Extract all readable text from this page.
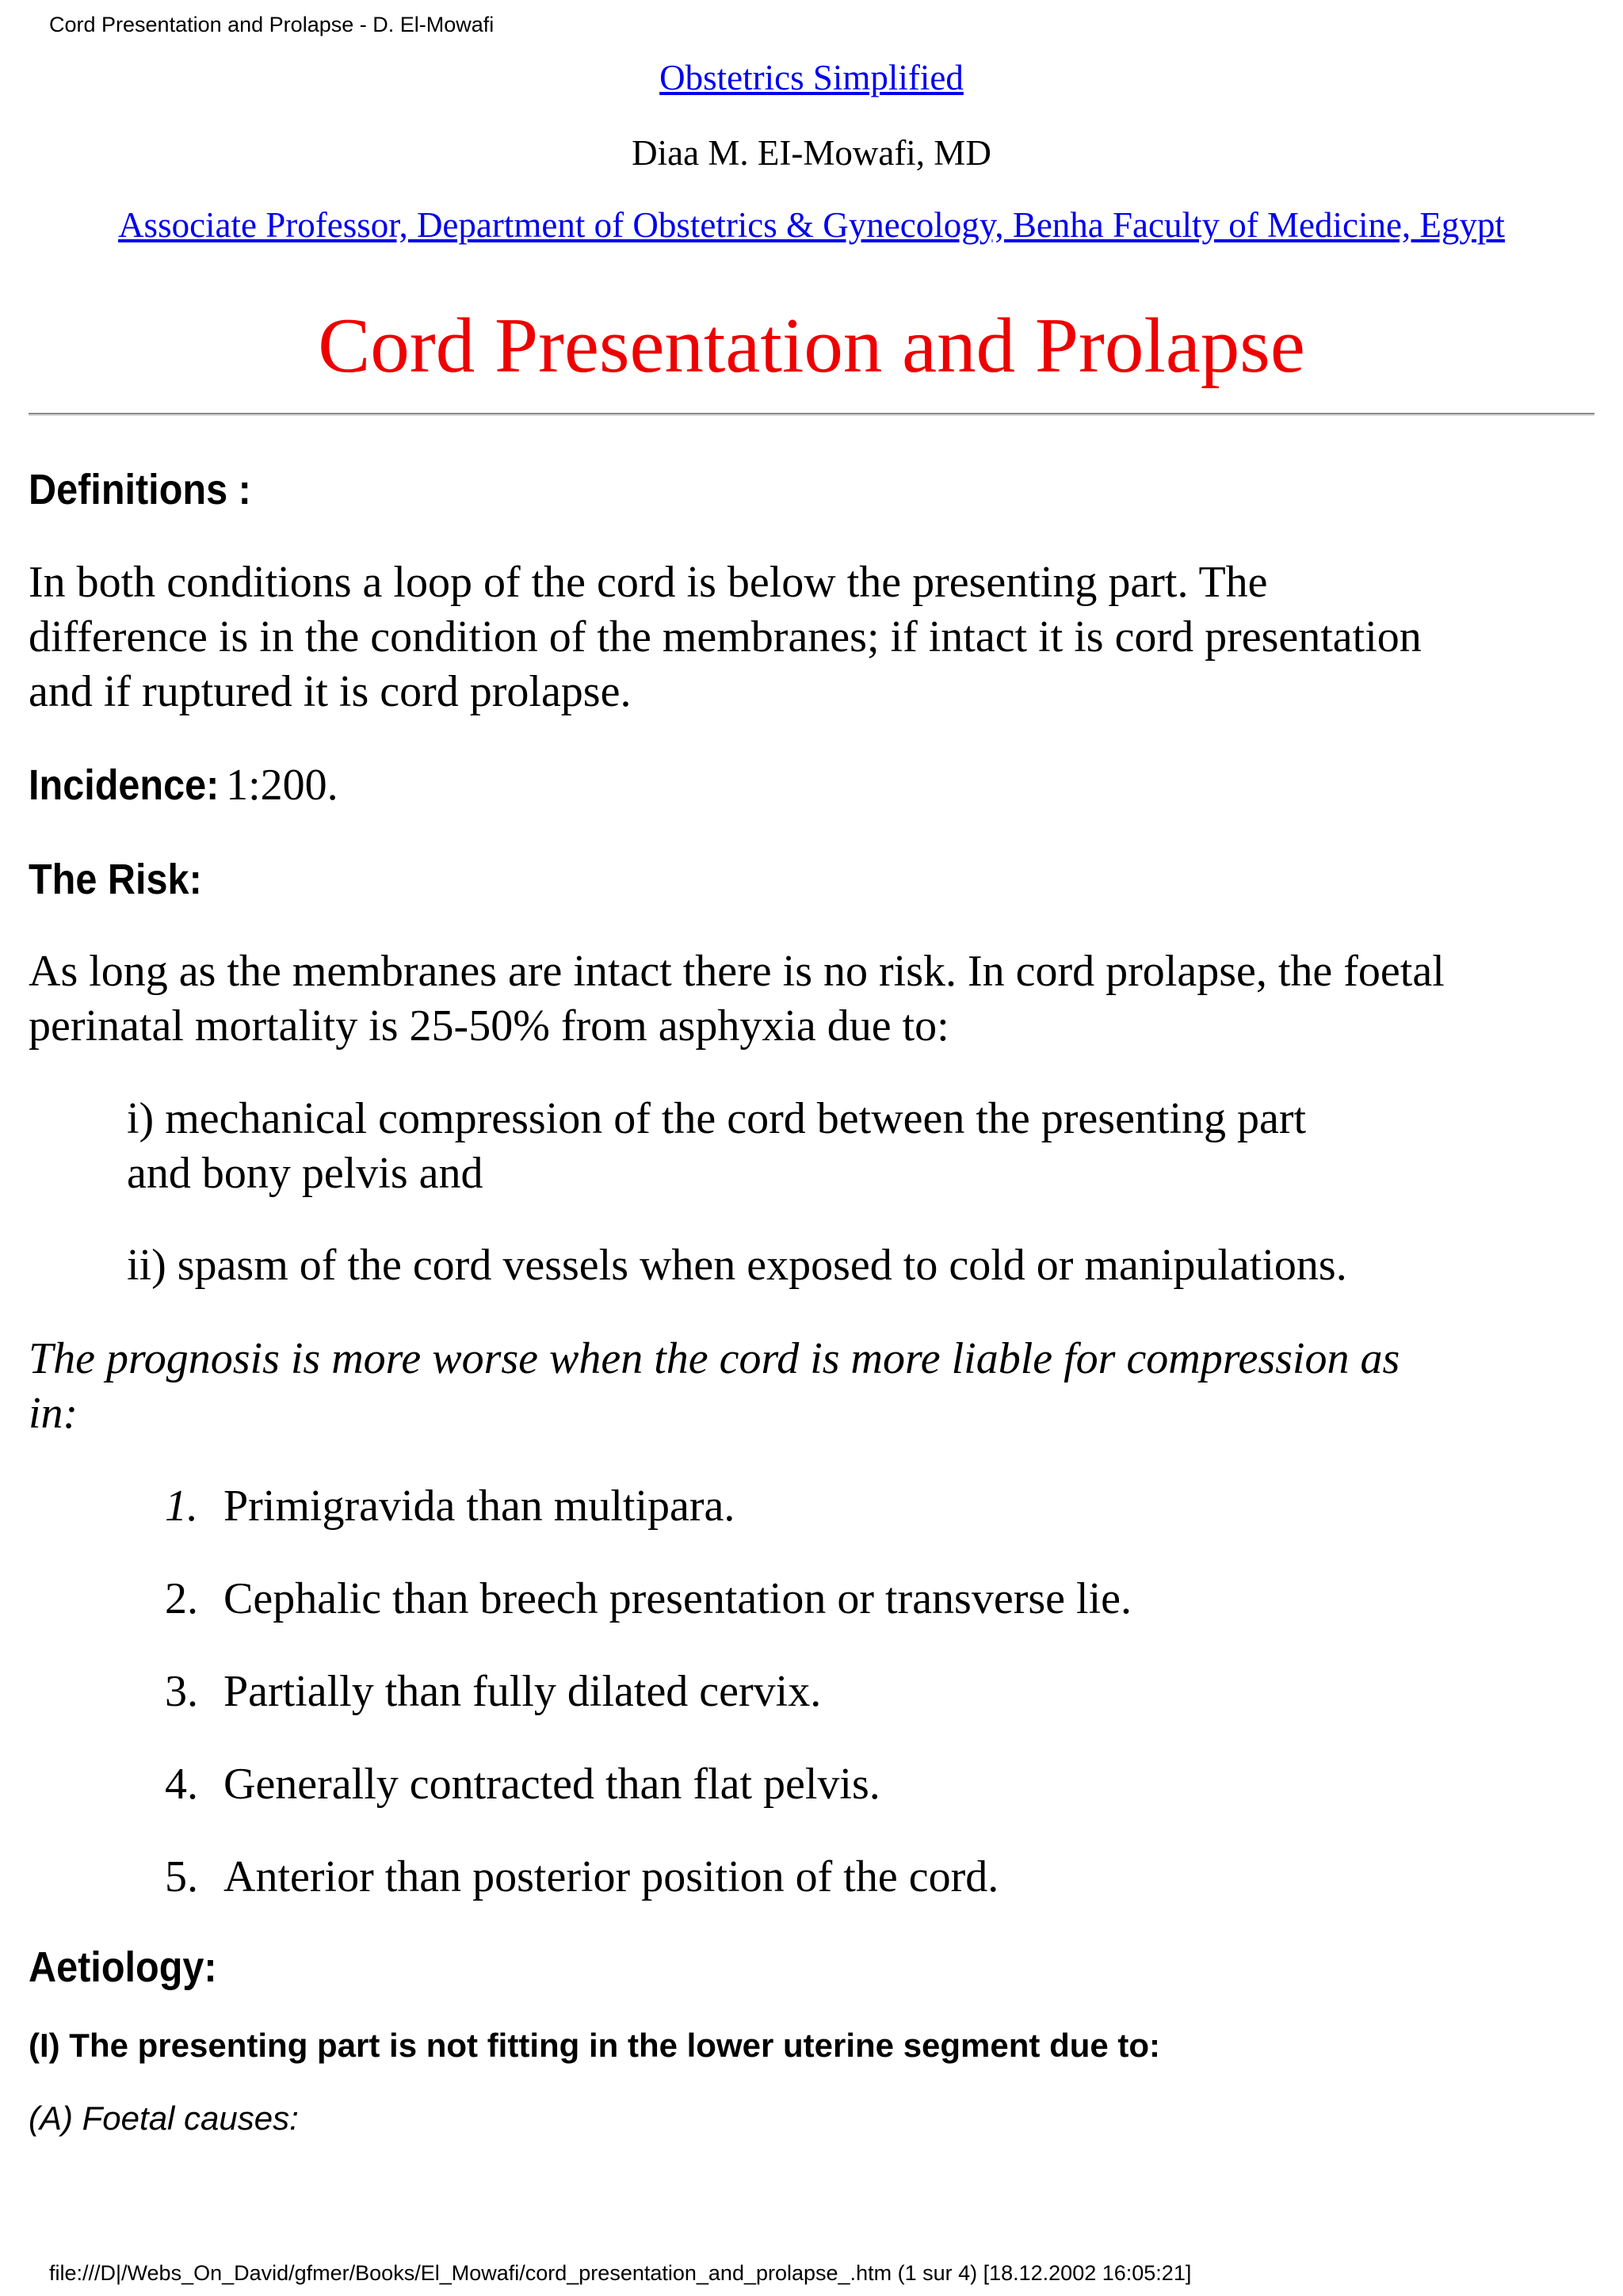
Cord Presentation and Prolapse - D. El-Mowafi
Obstetrics Simplified
Diaa M. EI-Mowafi, MD
Associate Professor, Department of Obstetrics & Gynecology, Benha Faculty of Medicine, Egypt
Cord Presentation and Prolapse
Definitions :
In both conditions a loop of the cord is below the presenting part. The
difference is in the condition of the membranes; if intact it is cord presentation
and if ruptured it is cord prolapse.
Incidence: 1:200.
The Risk:
As long as the membranes are intact there is no risk. In cord prolapse, the foetal
perinatal mortality is 25-50% from asphyxia due to:
i) mechanical compression of the cord between the presenting part
and bony pelvis and
ii) spasm of the cord vessels when exposed to cold or manipulations.
The prognosis is more worse when the cord is more liable for compression as
in:
1. Primigravida than multipara.
2. Cephalic than breech presentation or transverse lie.
3. Partially than fully dilated cervix.
4. Generally contracted than flat pelvis.
5. Anterior than posterior position of the cord.
Aetiology:
(I) The presenting part is not fitting in the lower uterine segment due to:
(A) Foetal causes:
file:///D|/Webs_On_David/gfmer/Books/El_Mowafi/cord_presentation_and_prolapse_.htm (1 sur 4) [18.12.2002 16:05:21]
